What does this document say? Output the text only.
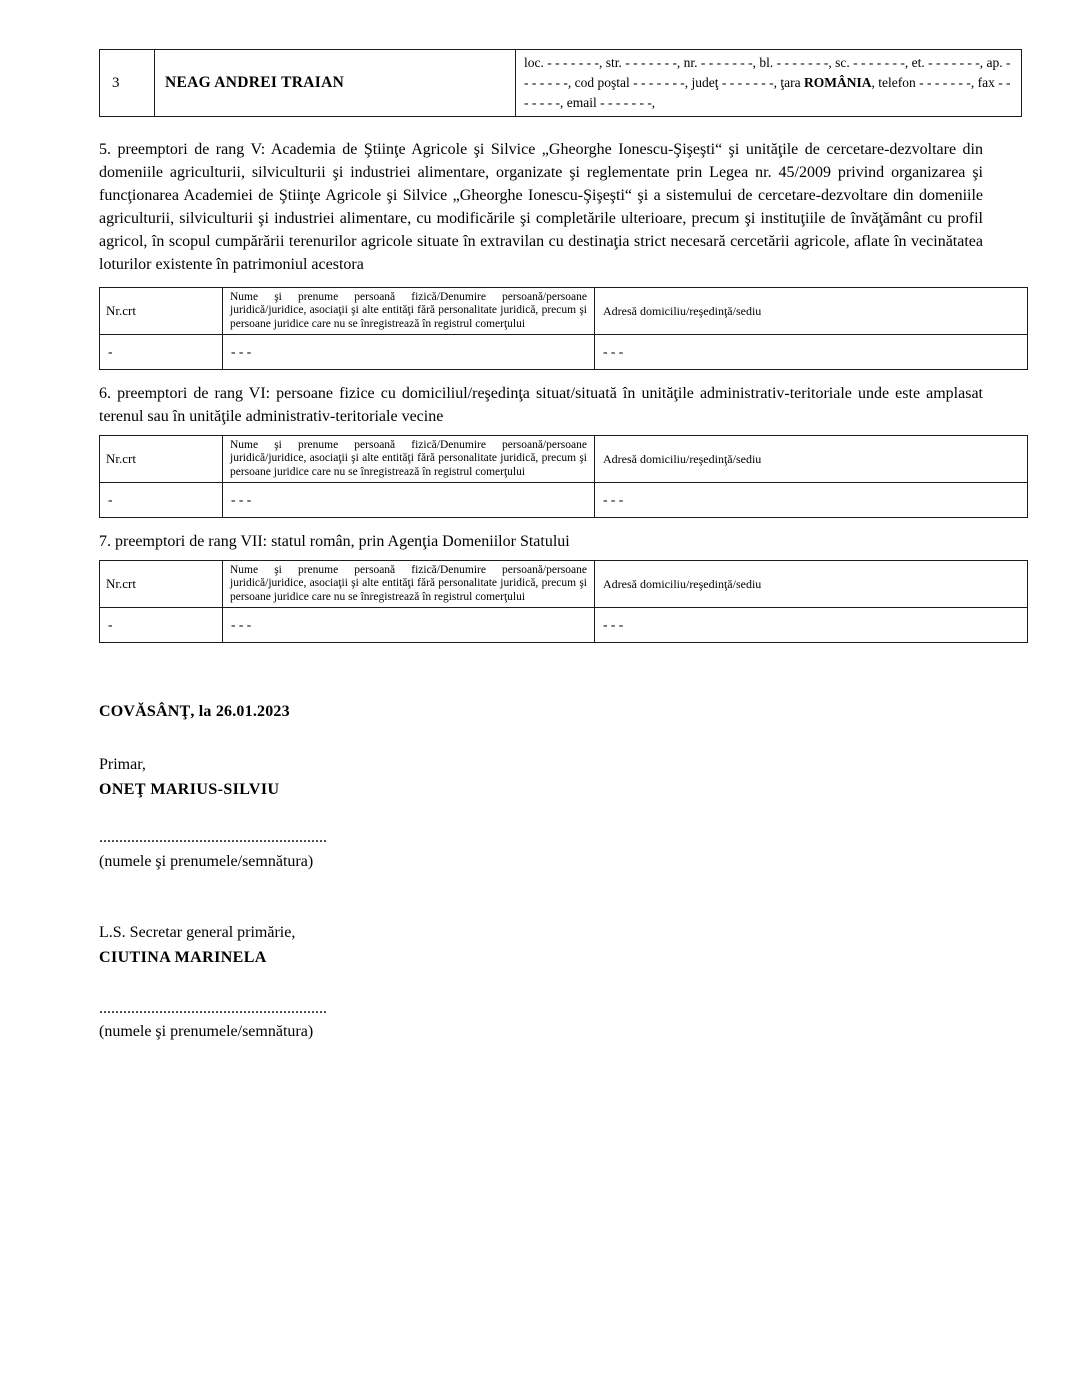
3	NEAG ANDREI TRAIAN	loc. - - - - - - -, str. - - - - - - -, nr. - - - - - - -, bl. - - - - - - -, sc. - - - - - - -, et. - - - - - - -, ap. - - - - - - -, cod poştal - - - - - - -, judeţ - - - - - - -, ţara ROMÂNIA, telefon - - - - - - -, fax - - - - - - -, email - - - - - - -,
5. preemptori de rang V: Academia de Ştiinţe Agricole şi Silvice „Gheorghe Ionescu-Şişeşti“ şi unităţile de cercetare-dezvoltare din domeniile agriculturii, silviculturii şi industriei alimentare, organizate şi reglementate prin Legea nr. 45/2009 privind organizarea şi funcţionarea Academiei de Ştiinţe Agricole şi Silvice „Gheorghe Ionescu-Şişeşti“ şi a sistemului de cercetare-dezvoltare din domeniile agriculturii, silviculturii şi industriei alimentare, cu modificările şi completările ulterioare, precum şi instituţiile de învăţământ cu profil agricol, în scopul cumpărării terenurilor agricole situate în extravilan cu destinaţia strict necesară cercetării agricole, aflate în vecinătatea loturilor existente în patrimoniul acestora
Nr.crt	Nume şi prenume persoană fizică/Denumire persoană/persoane juridică/juridice, asociaţii şi alte entităţi fără personalitate juridică, precum şi persoane juridice care nu se înregistrează în registrul comerţului	Adresă domiciliu/reşedinţă/sediu
-	- - -	- - -
6. preemptori de rang VI: persoane fizice cu domiciliul/reşedinţa situat/situată în unităţile administrativ-teritoriale unde este amplasat terenul sau în unităţile administrativ-teritoriale vecine
Nr.crt	Nume şi prenume persoană fizică/Denumire persoană/persoane juridică/juridice, asociaţii şi alte entităţi fără personalitate juridică, precum şi persoane juridice care nu se înregistrează în registrul comerţului	Adresă domiciliu/reşedinţă/sediu
-	- - -	- - -
7. preemptori de rang VII: statul român, prin Agenţia Domeniilor Statului
Nr.crt	Nume şi prenume persoană fizică/Denumire persoană/persoane juridică/juridice, asociaţii şi alte entităţi fără personalitate juridică, precum şi persoane juridice care nu se înregistrează în registrul comerţului	Adresă domiciliu/reşedinţă/sediu
-	- - -	- - -
COVĂSÂNŢ, la 26.01.2023
Primar,
ONEŢ MARIUS-SILVIU
.........................................................
(numele şi prenumele/semnătura)
L.S. Secretar general primărie,
CIUTINA MARINELA
.........................................................
(numele şi prenumele/semnătura)
